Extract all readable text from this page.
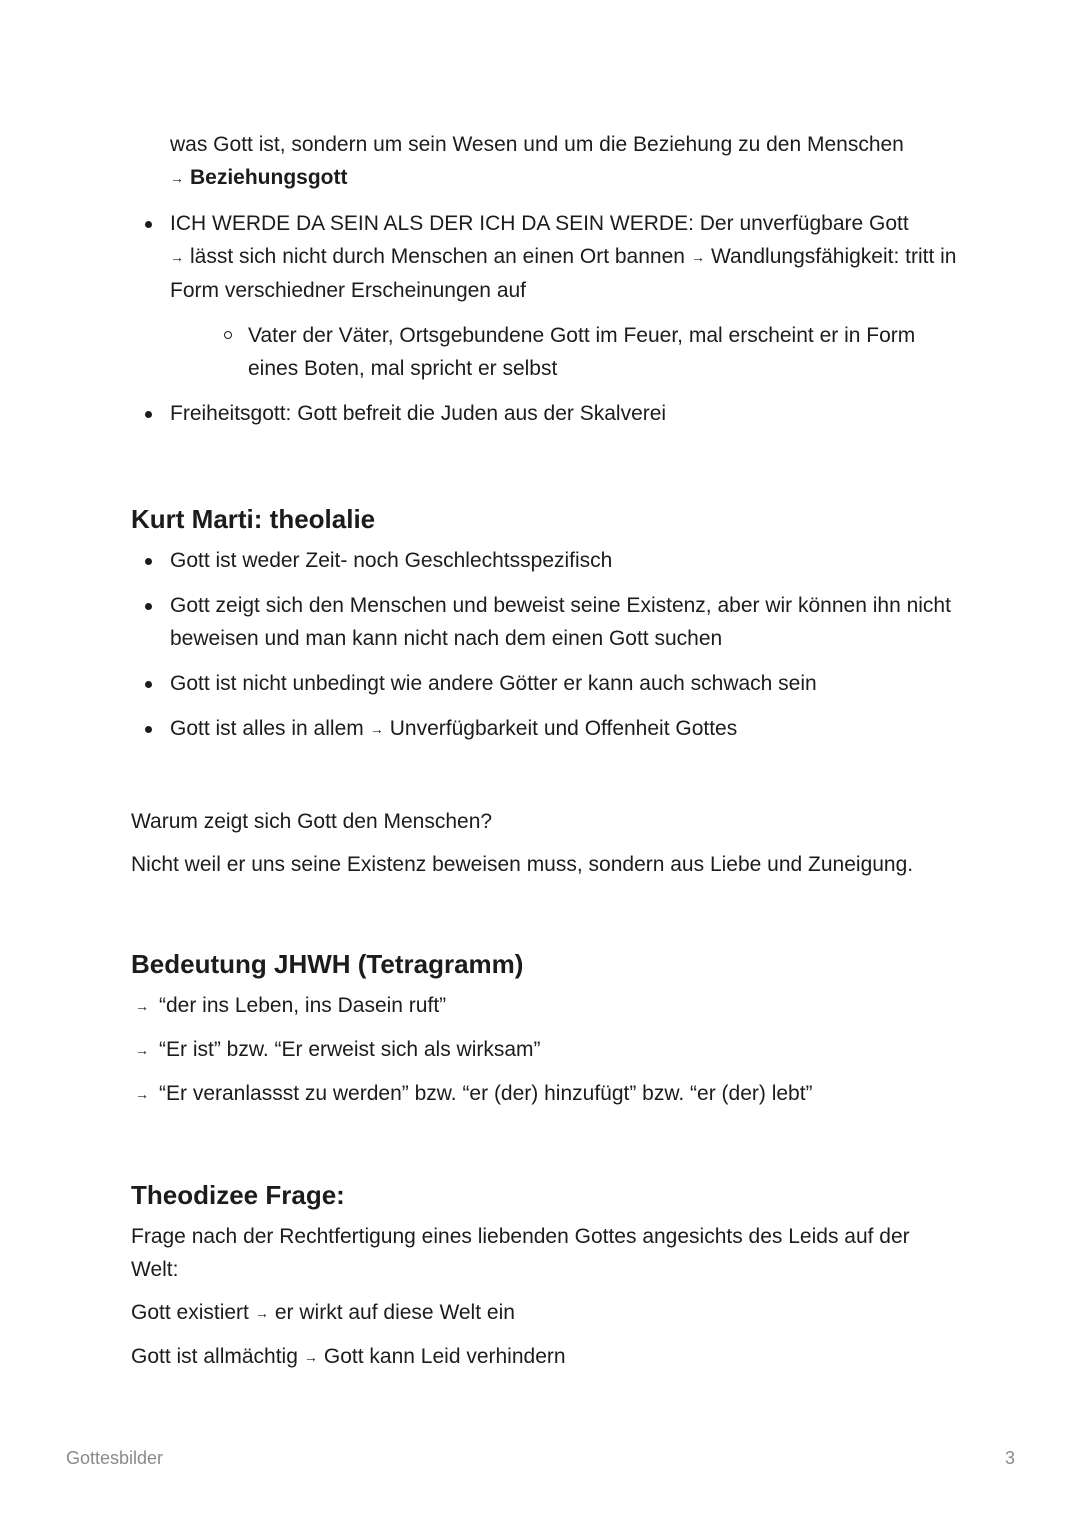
was Gott ist, sondern um sein Wesen und um die Beziehung zu den Menschen
→ Beziehungsgott
ICH WERDE DA SEIN ALS DER ICH DA SEIN WERDE: Der unverfügbare Gott
→ lässt sich nicht durch Menschen an einen Ort bannen → Wandlungsfähigkeit: tritt in Form verschiedner Erscheinungen auf
Vater der Väter, Ortsgebundene Gott im Feuer, mal erscheint er in Form eines Boten, mal spricht er selbst
Freiheitsgott: Gott befreit die Juden aus der Skalverei
Kurt Marti: theolalie
Gott ist weder Zeit- noch Geschlechtsspezifisch
Gott zeigt sich den Menschen und beweist seine Existenz, aber wir können ihn nicht beweisen und man kann nicht nach dem einen Gott suchen
Gott ist nicht unbedingt wie andere Götter er kann auch schwach sein
Gott ist alles in allem → Unverfügbarkeit und Offenheit Gottes

Warum zeigt sich Gott den Menschen?

Nicht weil er uns seine Existenz beweisen muss, sondern aus Liebe und Zuneigung.

Bedeutung JHWH (Tetragramm)

→ “der ins Leben, ins Dasein ruft”

→ “Er ist” bzw. “Er erweist sich als wirksam”

→ “Er veranlassst zu werden” bzw. “er (der) hinzufügt” bzw. “er (der) lebt”

Theodizee Frage:

Frage nach der Rechtfertigung eines liebenden Gottes angesichts des Leids auf der Welt:

Gott existiert → er wirkt auf diese Welt ein

Gott ist allmächtig → Gott kann Leid verhindern

Gottesbilder	3
